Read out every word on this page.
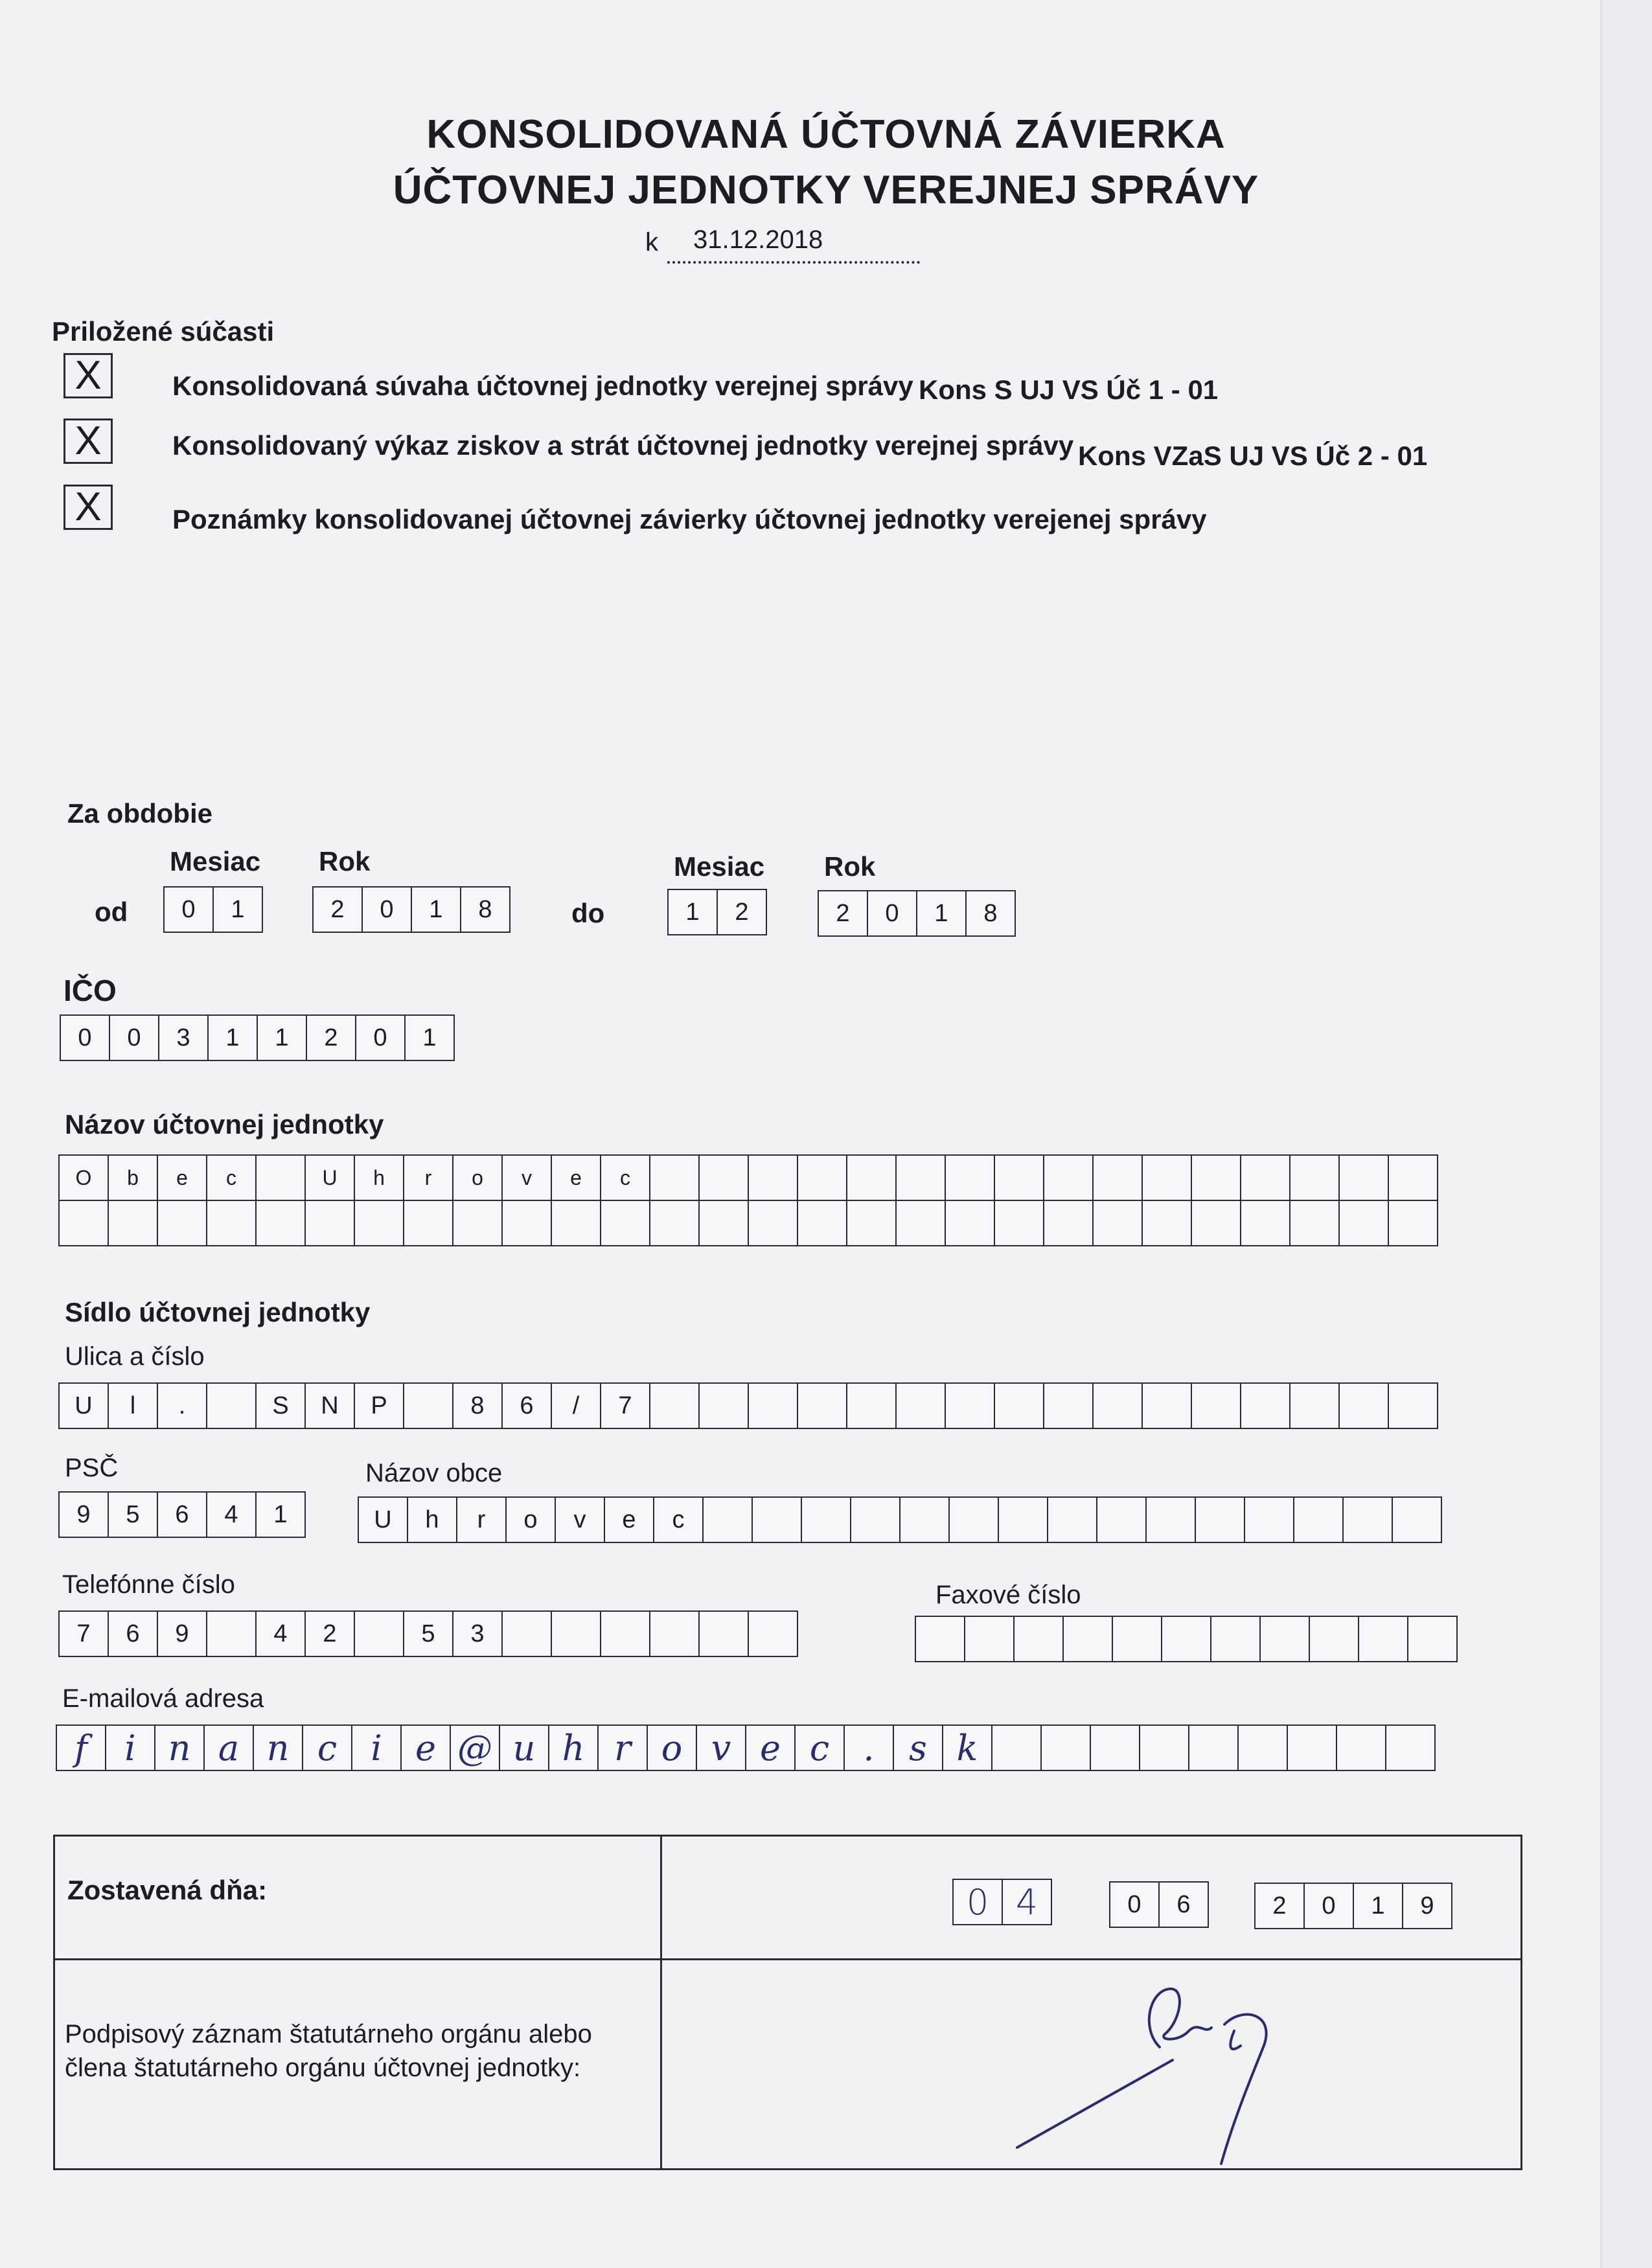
KONSOLIDOVANÁ ÚČTOVNÁ ZÁVIERKA
ÚČTOVNEJ JEDNOTKY VEREJNEJ SPRÁVY
k 31.12.2018
Priložené súčasti
X	Konsolidovaná súvaha účtovnej jednotky verejnej správy Kons S UJ VS Úč 1 - 01
X	Konsolidovaný výkaz ziskov a strát účtovnej jednotky verejnej správy Kons VZaS UJ VS Úč 2 - 01
X	Poznámky konsolidovanej účtovnej závierky účtovnej jednotky verejenej správy
Za obdobie
Mesiac Rok
od	0	1	2	0	1	8
Mesiac Rok
do	1	2	2	0	1	8
IČO
0	0	3	1	1	2	0	1
Názov účtovnej jednotky
O	b	e	c	U	h	r	o	v	e	c
Sídlo účtovnej jednotky
Ulica a číslo
U	l	.	S	N	P	8	6	/	7
PSČ
9	5	6	4	1
Názov obce
U	h	r	o	v	e	c
Telefónne číslo
7	6	9	4	2	5	3
Faxové číslo
E-mailová adresa
f	i n a n c i e @ u h r o v e c . s k
Zostavená dňa:	0 4	0	6	2	0	1	9
Podpisový záznam štatutárneho orgánu alebo
člena štatutárneho orgánu účtovnej jednotky:
